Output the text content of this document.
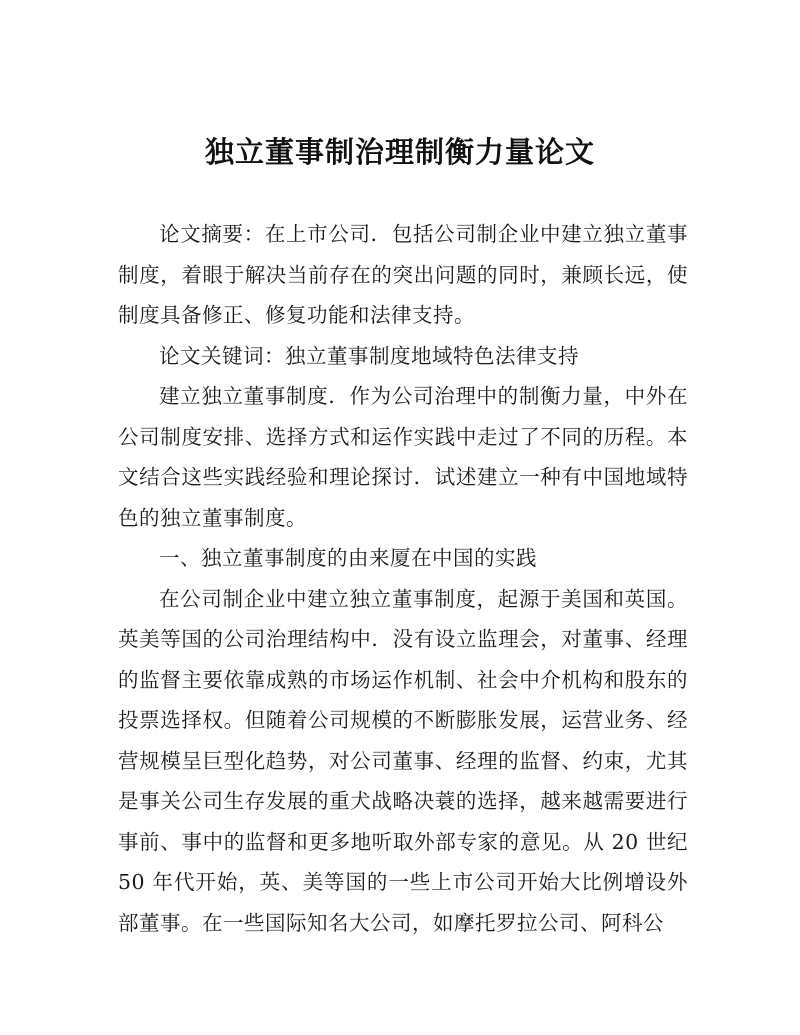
独立董事制治理制衡力量论文

论文摘要：在上市公司．包括公司制企业中建立独立董事制度，着眼于解决当前存在的突出问题的同时，兼顾长远，使制度具备修正、修复功能和法律支持。

论文关键词：独立董事制度地域特色法律支持

建立独立董事制度．作为公司治理中的制衡力量，中外在公司制度安排、选择方式和运作实践中走过了不同的历程。本文结合这些实践经验和理论探讨．试述建立一种有中国地域特色的独立董事制度。

一、独立董事制度的由来厦在中国的实践

在公司制企业中建立独立董事制度，起源于美国和英国。英美等国的公司治理结构中．没有设立监理会，对董事、经理的监督主要依靠成熟的市场运作机制、社会中介机构和股东的投票选择权。但随着公司规模的不断膨胀发展，运营业务、经营规模呈巨型化趋势，对公司董事、经理的监督、约束，尤其是事关公司生存发展的重犬战略决蓑的选择，越来越需要进行事前、事中的监督和更多地听取外部专家的意见。从 20 世纪 50 年代开始，英、美等国的一些上市公司开始大比例增设外部董事。在一些国际知名大公司，如摩托罗拉公司、阿科公
